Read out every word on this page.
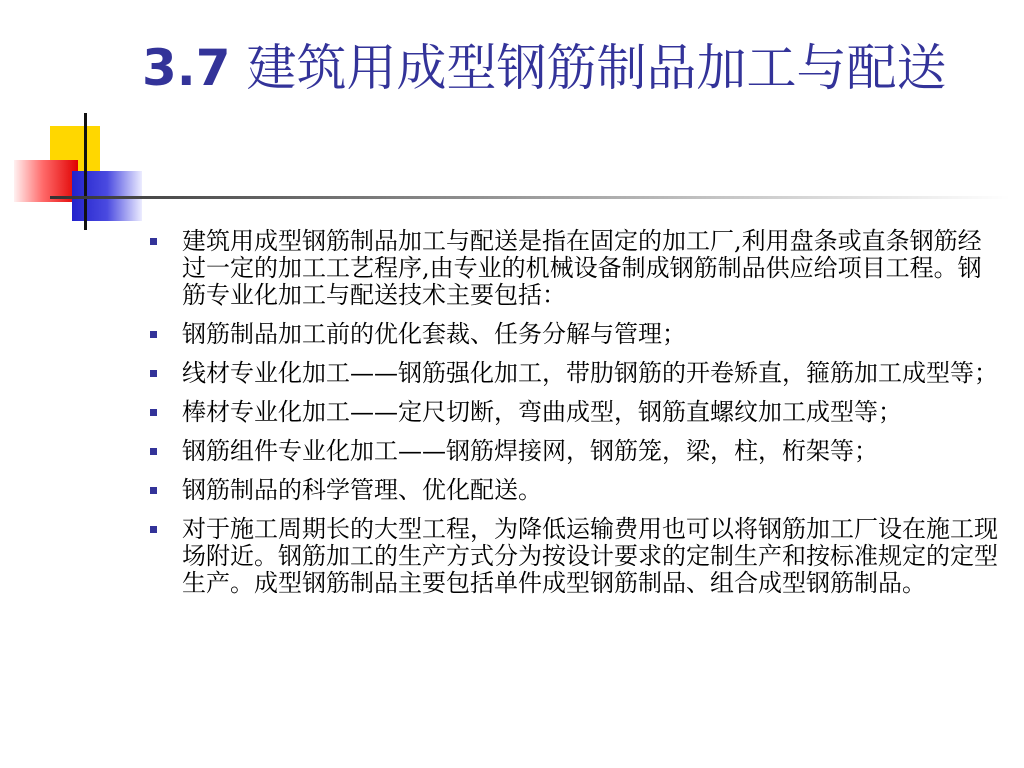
3.7 建筑用成型钢筋制品加工与配送
建筑用成型钢筋制品加工与配送是指在固定的加工厂,利用盘条或直条钢筋经过一定的加工工艺程序,由专业的机械设备制成钢筋制品供应给项目工程。钢筋专业化加工与配送技术主要包括：
钢筋制品加工前的优化套裁、任务分解与管理；
线材专业化加工——钢筋强化加工，带肋钢筋的开卷矫直，箍筋加工成型等；
棒材专业化加工——定尺切断，弯曲成型，钢筋直螺纹加工成型等；
钢筋组件专业化加工——钢筋焊接网，钢筋笼，梁，柱，桁架等；
钢筋制品的科学管理、优化配送。
对于施工周期长的大型工程，为降低运输费用也可以将钢筋加工厂设在施工现场附近。钢筋加工的生产方式分为按设计要求的定制生产和按标准规定的定型生产。成型钢筋制品主要包括单件成型钢筋制品、组合成型钢筋制品。
